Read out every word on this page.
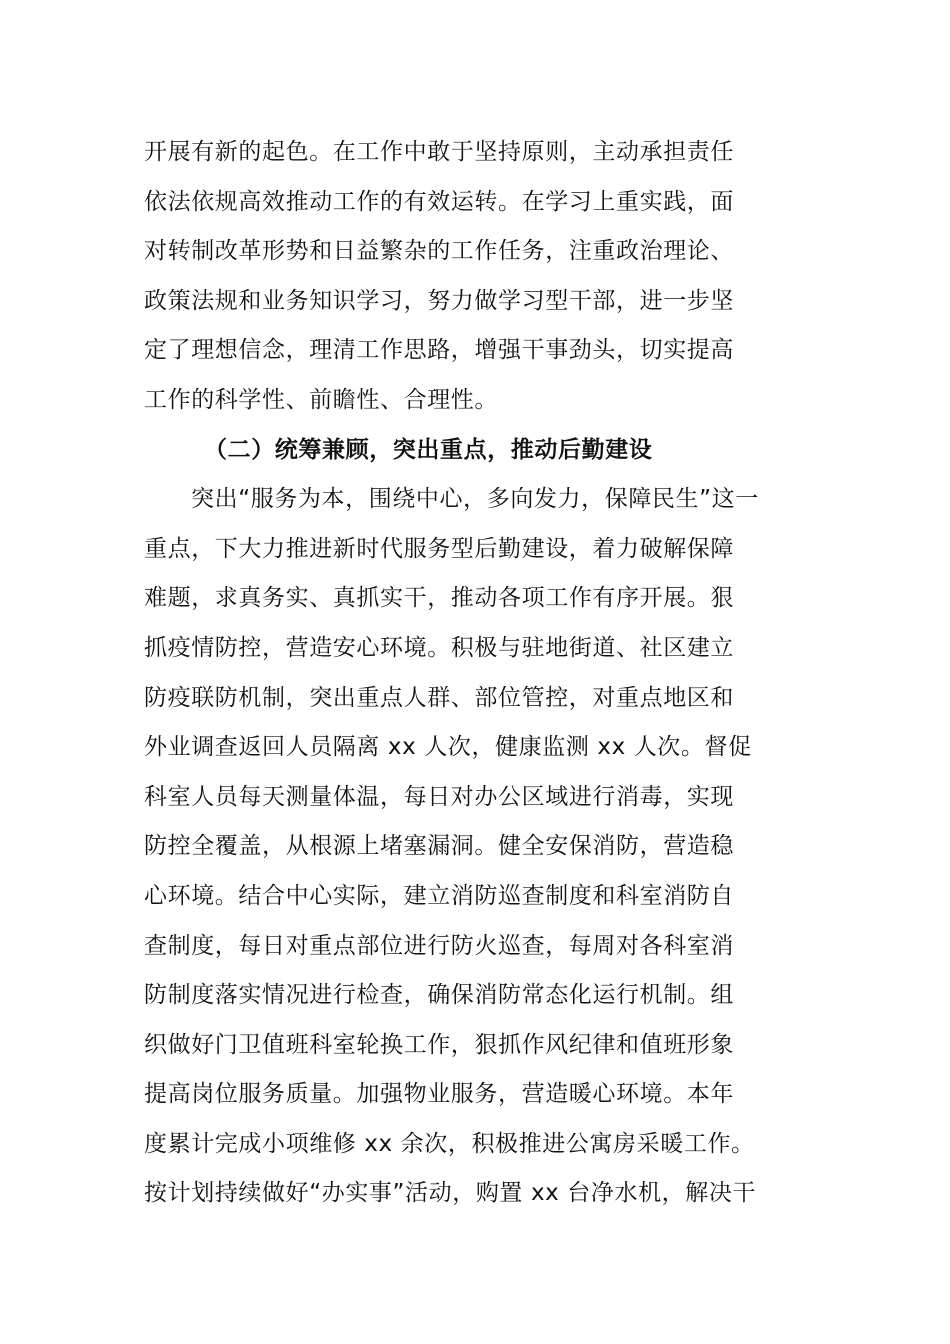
开展有新的起色。在工作中敢于坚持原则，主动承担责任
依法依规高效推动工作的有效运转。在学习上重实践，面
对转制改革形势和日益繁杂的工作任务，注重政治理论、
政策法规和业务知识学习，努力做学习型干部，进一步坚
定了理想信念，理清工作思路，增强干事劲头，切实提高
工作的科学性、前瞻性、合理性。
（二）统筹兼顾，突出重点，推动后勤建设
突出“服务为本，围绕中心，多向发力，保障民生”这一
重点，下大力推进新时代服务型后勤建设，着力破解保障
难题，求真务实、真抓实干，推动各项工作有序开展。狠
抓疫情防控，营造安心环境。积极与驻地街道、社区建立
防疫联防机制，突出重点人群、部位管控，对重点地区和
外业调查返回人员隔离 xx 人次，健康监测 xx 人次。督促
科室人员每天测量体温，每日对办公区域进行消毒，实现
防控全覆盖，从根源上堵塞漏洞。健全安保消防，营造稳
心环境。结合中心实际，建立消防巡查制度和科室消防自
查制度，每日对重点部位进行防火巡查，每周对各科室消
防制度落实情况进行检查，确保消防常态化运行机制。组
织做好门卫值班科室轮换工作，狠抓作风纪律和值班形象
提高岗位服务质量。加强物业服务，营造暖心环境。本年
度累计完成小项维修 xx 余次，积极推进公寓房采暖工作。
按计划持续做好“办实事”活动，购置 xx 台净水机，解决干
